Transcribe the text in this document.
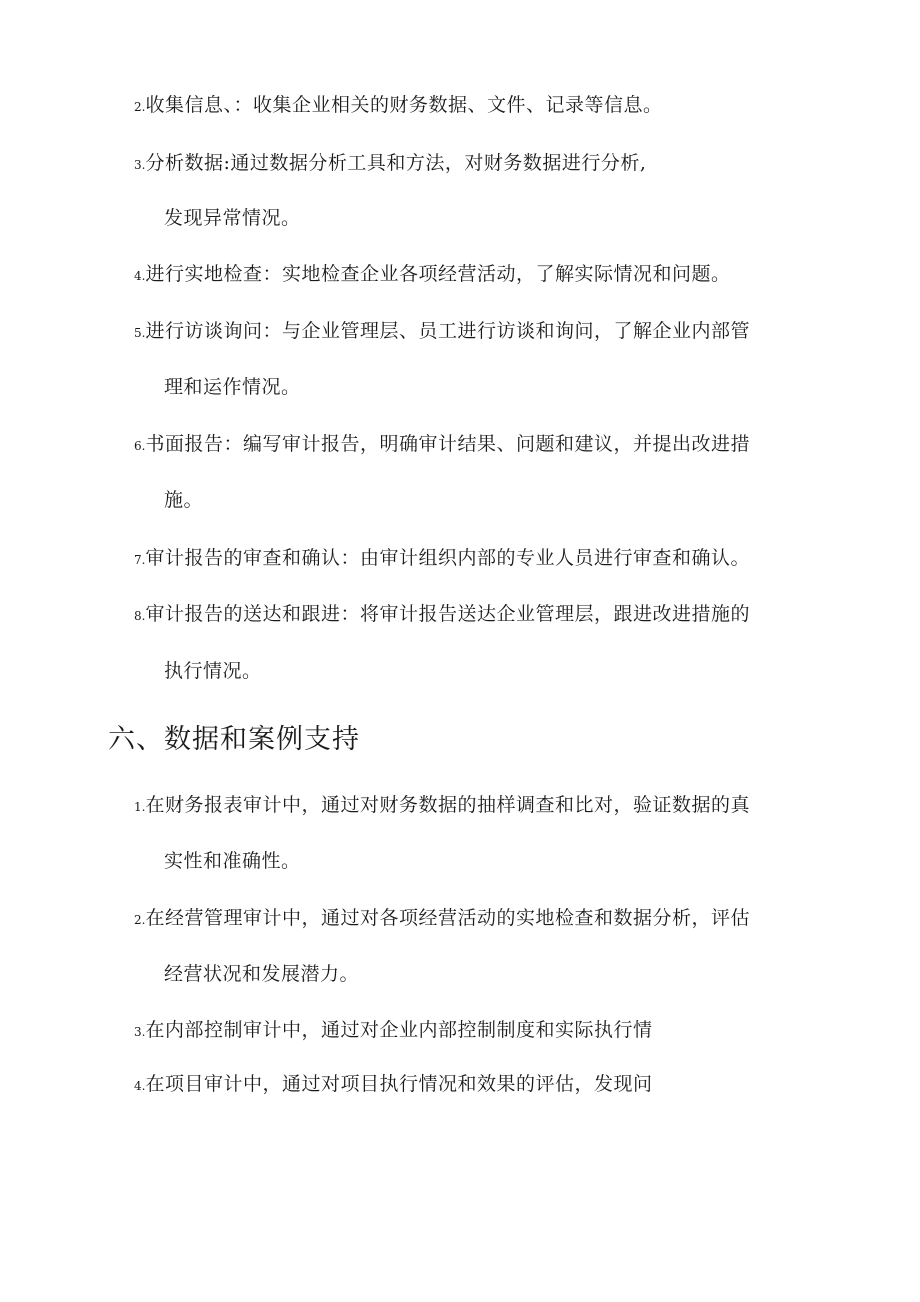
2.收集信息、：收集企业相关的财务数据、文件、记录等信息。
3.分析数据:通过数据分析工具和方法，对财务数据进行分析,
发现异常情况。
4.进行实地检查：实地检查企业各项经营活动，了解实际情况和问题。
5.进行访谈询问：与企业管理层、员工进行访谈和询问，了解企业内部管
理和运作情况。
6.书面报告：编写审计报告，明确审计结果、问题和建议，并提出改进措
施。
7.审计报告的审查和确认：由审计组织内部的专业人员进行审查和确认。
8.审计报告的送达和跟进：将审计报告送达企业管理层，跟进改进措施的
执行情况。
六、数据和案例支持
1.在财务报表审计中，通过对财务数据的抽样调查和比对，验证数据的真
实性和准确性。
2.在经营管理审计中，通过对各项经营活动的实地检查和数据分析，评估
经营状况和发展潜力。
3.在内部控制审计中，通过对企业内部控制制度和实际执行情
4.在项目审计中，通过对项目执行情况和效果的评估，发现问
